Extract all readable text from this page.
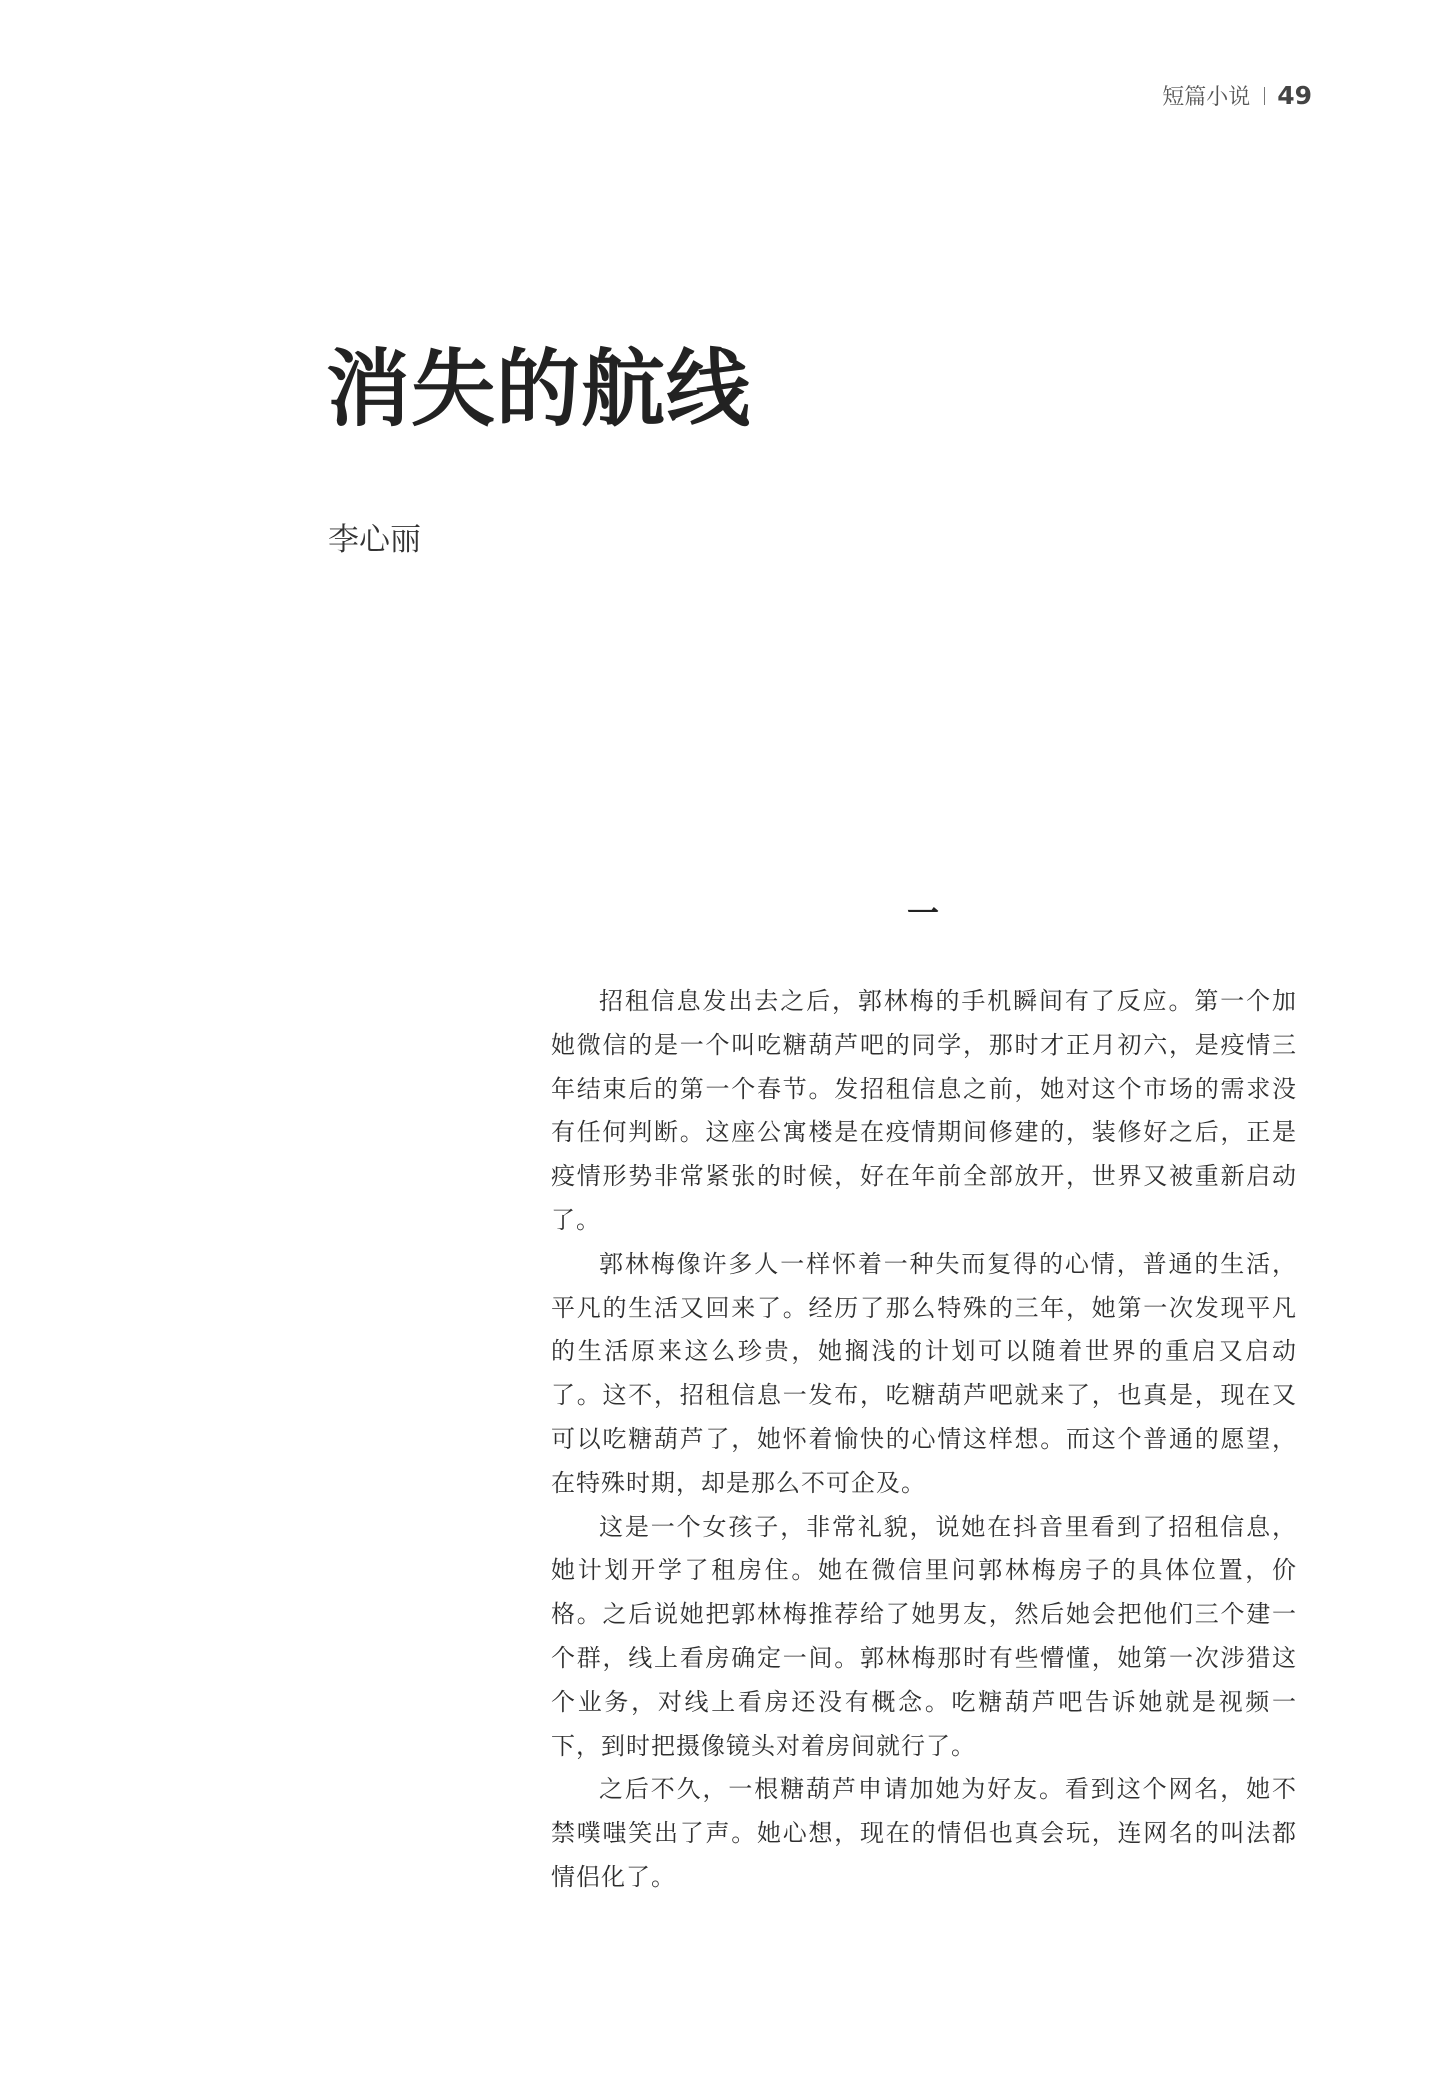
短篇小说 49
消失的航线
李心丽
一

招租信息发出去之后，郭林梅的手机瞬间有了反应。第一个加她微信的是一个叫吃糖葫芦吧的同学，那时才正月初六，是疫情三年结束后的第一个春节。发招租信息之前，她对这个市场的需求没有任何判断。这座公寓楼是在疫情期间修建的，装修好之后，正是疫情形势非常紧张的时候，好在年前全部放开，世界又被重新启动了。

郭林梅像许多人一样怀着一种失而复得的心情，普通的生活，平凡的生活又回来了。经历了那么特殊的三年，她第一次发现平凡的生活原来这么珍贵，她搁浅的计划可以随着世界的重启又启动了。这不，招租信息一发布，吃糖葫芦吧就来了，也真是，现在又可以吃糖葫芦了，她怀着愉快的心情这样想。而这个普通的愿望，在特殊时期，却是那么不可企及。

这是一个女孩子，非常礼貌，说她在抖音里看到了招租信息，她计划开学了租房住。她在微信里问郭林梅房子的具体位置，价格。之后说她把郭林梅推荐给了她男友，然后她会把他们三个建一个群，线上看房确定一间。郭林梅那时有些懵懂，她第一次涉猎这个业务，对线上看房还没有概念。吃糖葫芦吧告诉她就是视频一下，到时把摄像镜头对着房间就行了。

之后不久，一根糖葫芦申请加她为好友。看到这个网名，她不禁噗嗤笑出了声。她心想，现在的情侣也真会玩，连网名的叫法都情侣化了。
